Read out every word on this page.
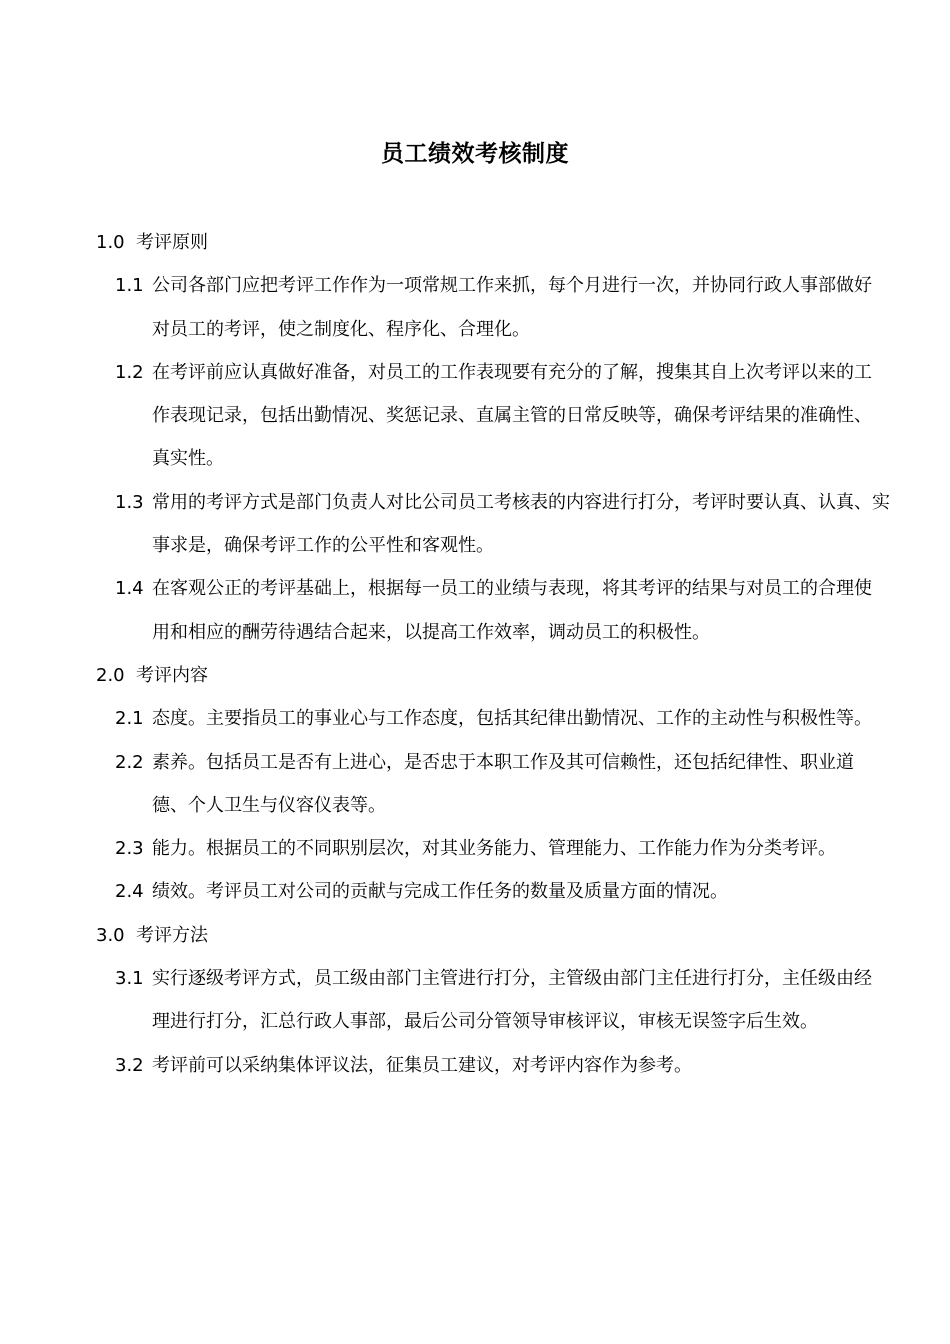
员工绩效考核制度
1.0 考评原则
1.1 公司各部门应把考评工作作为一项常规工作来抓，每个月进行一次，并协同行政人事部做好对员工的考评，使之制度化、程序化、合理化。
1.2 在考评前应认真做好准备，对员工的工作表现要有充分的了解，搜集其自上次考评以来的工作表现记录，包括出勤情况、奖惩记录、直属主管的日常反映等，确保考评结果的准确性、真实性。
1.3 常用的考评方式是部门负责人对比公司员工考核表的内容进行打分，考评时要认真、认真、实事求是，确保考评工作的公平性和客观性。
1.4 在客观公正的考评基础上，根据每一员工的业绩与表现，将其考评的结果与对员工的合理使用和相应的酬劳待遇结合起来，以提高工作效率，调动员工的积极性。
2.0 考评内容
2.1 态度。主要指员工的事业心与工作态度，包括其纪律出勤情况、工作的主动性与积极性等。
2.2 素养。包括员工是否有上进心，是否忠于本职工作及其可信赖性，还包括纪律性、职业道德、个人卫生与仪容仪表等。
2.3 能力。根据员工的不同职别层次，对其业务能力、管理能力、工作能力作为分类考评。
2.4 绩效。考评员工对公司的贡献与完成工作任务的数量及质量方面的情况。
3.0 考评方法
3.1 实行逐级考评方式，员工级由部门主管进行打分，主管级由部门主任进行打分，主任级由经理进行打分，汇总行政人事部，最后公司分管领导审核评议，审核无误签字后生效。
3.2 考评前可以采纳集体评议法，征集员工建议，对考评内容作为参考。
